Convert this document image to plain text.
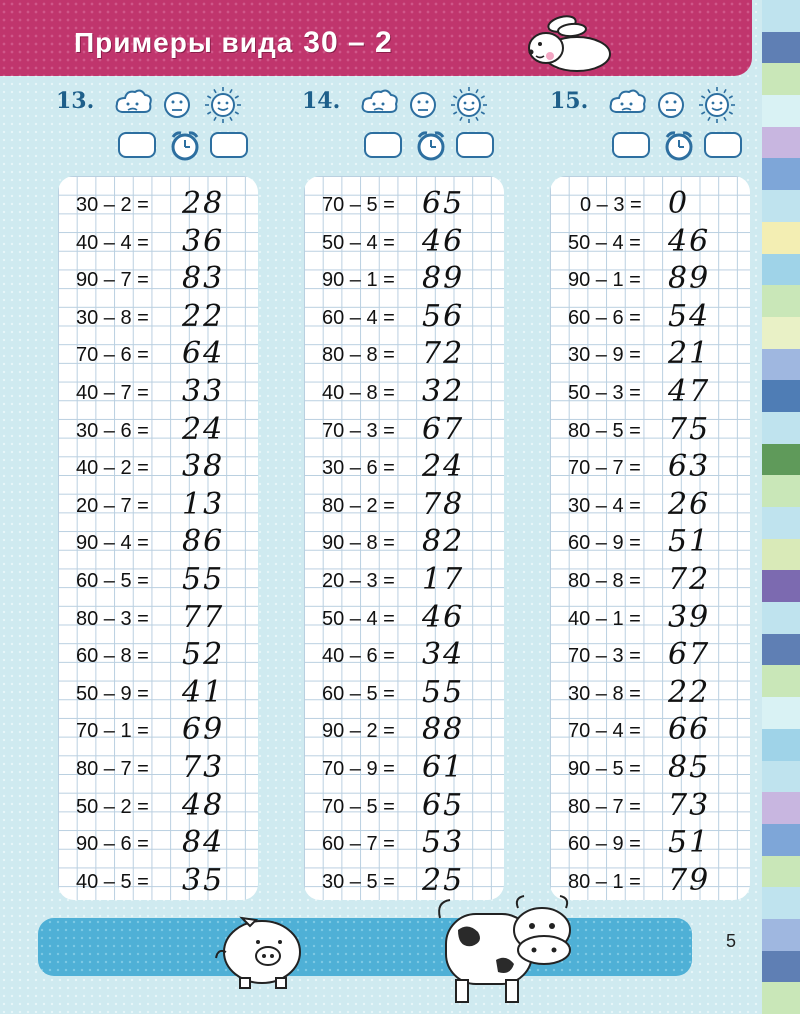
Примеры вида 30 – 2
13.	14.	15.
30 – 2 = 28
40 – 4 = 36
90 – 7 = 83
30 – 8 = 22
70 – 6 = 64
40 – 7 = 33
30 – 6 = 24
40 – 2 = 38
20 – 7 = 13
90 – 4 = 86
60 – 5 = 55
80 – 3 = 77
60 – 8 = 52
50 – 9 = 41
70 – 1 = 69
80 – 7 = 73
50 – 2 = 48
90 – 6 = 84
40 – 5 = 35
70 – 5 = 65
50 – 4 = 46
90 – 1 = 89
60 – 4 = 56
80 – 8 = 72
40 – 8 = 32
70 – 3 = 67
30 – 6 = 24
80 – 2 = 78
90 – 8 = 82
20 – 3 = 17
50 – 4 = 46
40 – 6 = 34
60 – 5 = 55
90 – 2 = 88
70 – 9 = 61
70 – 5 = 65
60 – 7 = 53
30 – 5 = 25
0 – 3 = 0
50 – 4 = 46
90 – 1 = 89
60 – 6 = 54
30 – 9 = 21
50 – 3 = 47
80 – 5 = 75
70 – 7 = 63
30 – 4 = 26
60 – 9 = 51
80 – 8 = 72
40 – 1 = 39
70 – 3 = 67
30 – 8 = 22
70 – 4 = 66
90 – 5 = 85
80 – 7 = 73
60 – 9 = 51
80 – 1 = 79
5
